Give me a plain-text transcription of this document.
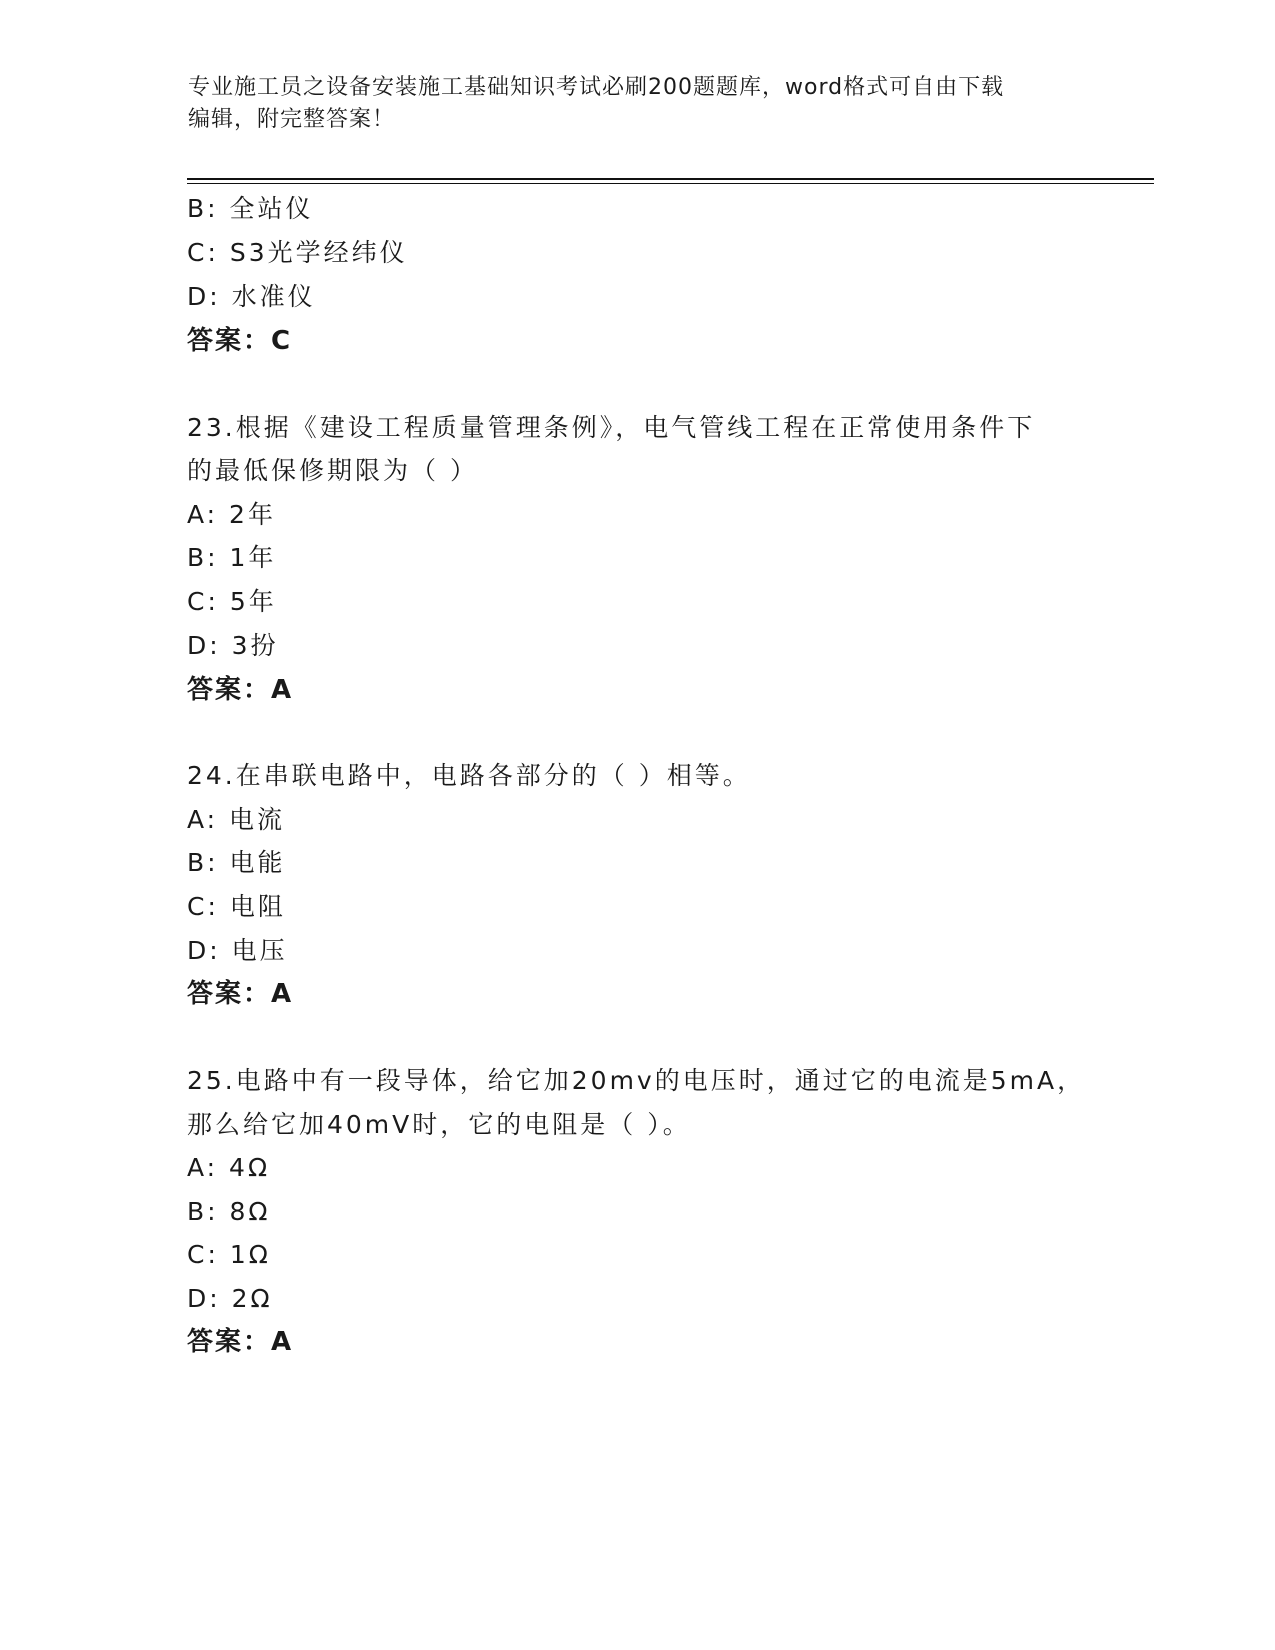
专业施工员之设备安装施工基础知识考试必刷200题题库，word格式可自由下载
编辑，附完整答案！
B: 全站仪
C: S3光学经纬仪
D: 水准仪
答案：C
23.根据《建设工程质量管理条例》，电气管线工程在正常使用条件下
的最低保修期限为（ ）
A: 2年
B: 1年
C: 5年
D: 3扮
答案：A
24.在串联电路中，电路各部分的（ ）相等。
A: 电流
B: 电能
C: 电阻
D: 电压
答案：A
25.电路中有一段导体，给它加20mv的电压时，通过它的电流是5mA，
那么给它加40mV时，它的电阻是（ ）。
A: 4Ω
B: 8Ω
C: 1Ω
D: 2Ω
答案：A
